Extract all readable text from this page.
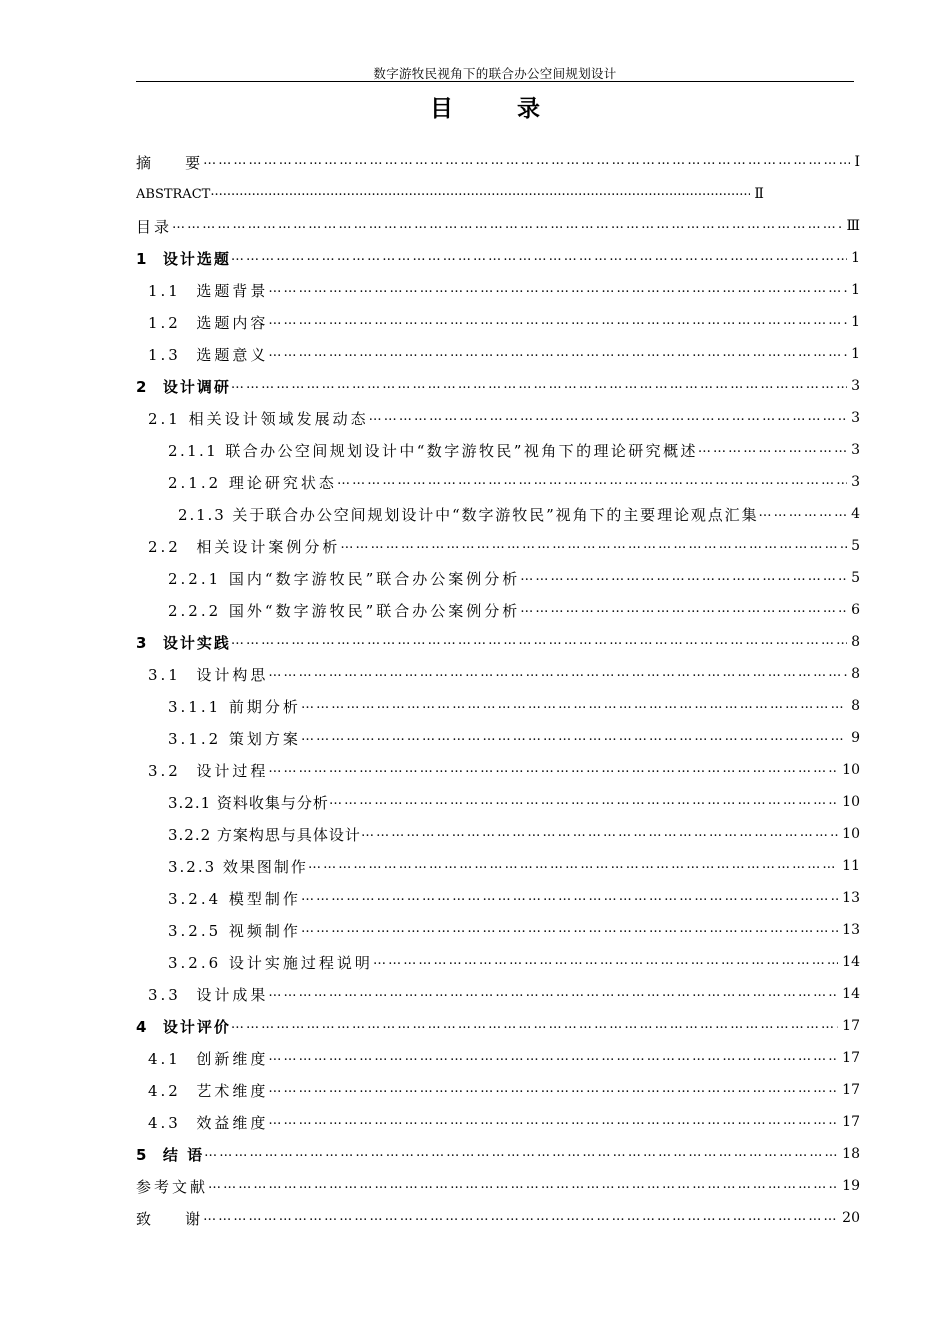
数字游牧民视角下的联合办公空间规划设计
目 录
摘    要 … … … … … … … … … … … … … … … … … … … … … … … … … … … … … … … … … … … … … … … … … … … … … … … … … … … … … … … … … … …	Ⅰ
ABSTRACT .....	Ⅱ
目录 … … … … … … … … … … … … … … … … … … … … … … … … … … … … … … … … … … … … … … … … … … … … … … … … … … … … … … … … … … …	Ⅲ
1  设计选题 … … … … … … … … … … … … … … … … … … … … … … … … … … … … … … … … … … … … … … … … … … … … … … … … … … … … … … … … … … …	1
1.1  选题背景 … … … … … … … … … … … … … … … … … … … … … … … … … … … … … … … … … … … … … … … … … … … … … … … … … … … … … … … … … … …	1
1.2  选题内容 … … … … … … … … … … … … … … … … … … … … … … … … … … … … … … … … … … … … … … … … … … … … … … … … … … … … … … … … … … …	1
1.3  选题意义 … … … … … … … … … … … … … … … … … … … … … … … … … … … … … … … … … … … … … … … … … … … … … … … … … … … … … … … … … … …	1
2  设计调研 … … … … … … … … … … … … … … … … … … … … … … … … … … … … … … … … … … … … … … … … … … … … … … … … … … … … … … … … … … …	3
2.1 相关设计领域发展动态 … … … … … … … … … … … … … … … … … … … … … … … … … … … … … … … … … … … … … … … … … … … … … … … … … … … … … … … … … … …	3
2.1.1 联合办公空间规划设计中“数字游牧民”视角下的理论研究概述 … … … … … … … … … … … … … … … … … … … … … … … … … … … … … … … … … … … … … … … … … … … … … … … … … … … … … … … … … … …	3
2.1.2 理论研究状态 … … … … … … … … … … … … … … … … … … … … … … … … … … … … … … … … … … … … … … … … … … … … … … … … … … … … … … … … … … …	3
2.1.3 关于联合办公空间规划设计中“数字游牧民”视角下的主要理论观点汇集 … … … … … … … … … … … … … … … … … … … … … … … … … … … … … … … … … … … … … … … … … … … … … … … … … … … … … … … … … … …	4
2.2  相关设计案例分析 … … … … … … … … … … … … … … … … … … … … … … … … … … … … … … … … … … … … … … … … … … … … … … … … … … … … … … … … … … …	5
2.2.1 国内“数字游牧民”联合办公案例分析 … … … … … … … … … … … … … … … … … … … … … … … … … … … … … … … … … … … … … … … … … … … … … … … … … … … … … … … … … … …	5
2.2.2 国外“数字游牧民”联合办公案例分析 … … … … … … … … … … … … … … … … … … … … … … … … … … … … … … … … … … … … … … … … … … … … … … … … … … … … … … … … … … …	6
3  设计实践 … … … … … … … … … … … … … … … … … … … … … … … … … … … … … … … … … … … … … … … … … … … … … … … … … … … … … … … … … … …	8
3.1  设计构思 … … … … … … … … … … … … … … … … … … … … … … … … … … … … … … … … … … … … … … … … … … … … … … … … … … … … … … … … … … …	8
3.1.1 前期分析 … … … … … … … … … … … … … … … … … … … … … … … … … … … … … … … … … … … … … … … … … … … … … … … … … … … … … … … … … … …	8
3.1.2 策划方案 … … … … … … … … … … … … … … … … … … … … … … … … … … … … … … … … … … … … … … … … … … … … … … … … … … … … … … … … … … …	9
3.2  设计过程 … … … … … … … … … … … … … … … … … … … … … … … … … … … … … … … … … … … … … … … … … … … … … … … … … … … … … … … … … … …	10
3.2.1 资料收集与分析 … … … … … … … … … … … … … … … … … … … … … … … … … … … … … … … … … … … … … … … … … … … … … … … … … … … … … … … … … … …	10
3.2.2 方案构思与具体设计 … … … … … … … … … … … … … … … … … … … … … … … … … … … … … … … … … … … … … … … … … … … … … … … … … … … … … … … … … … …	10
3.2.3 效果图制作 … … … … … … … … … … … … … … … … … … … … … … … … … … … … … … … … … … … … … … … … … … … … … … … … … … … … … … … … … … …	11
3.2.4 模型制作 … … … … … … … … … … … … … … … … … … … … … … … … … … … … … … … … … … … … … … … … … … … … … … … … … … … … … … … … … … …	13
3.2.5 视频制作 … … … … … … … … … … … … … … … … … … … … … … … … … … … … … … … … … … … … … … … … … … … … … … … … … … … … … … … … … … …	13
3.2.6 设计实施过程说明 … … … … … … … … … … … … … … … … … … … … … … … … … … … … … … … … … … … … … … … … … … … … … … … … … … … … … … … … … … …	14
3.3  设计成果 … … … … … … … … … … … … … … … … … … … … … … … … … … … … … … … … … … … … … … … … … … … … … … … … … … … … … … … … … … …	14
4  设计评价 … … … … … … … … … … … … … … … … … … … … … … … … … … … … … … … … … … … … … … … … … … … … … … … … … … … … … … … … … … …	17
4.1  创新维度 … … … … … … … … … … … … … … … … … … … … … … … … … … … … … … … … … … … … … … … … … … … … … … … … … … … … … … … … … … …	17
4.2  艺术维度 … … … … … … … … … … … … … … … … … … … … … … … … … … … … … … … … … … … … … … … … … … … … … … … … … … … … … … … … … … …	17
4.3  效益维度 … … … … … … … … … … … … … … … … … … … … … … … … … … … … … … … … … … … … … … … … … … … … … … … … … … … … … … … … … … …	17
5  结 语 … … … … … … … … … … … … … … … … … … … … … … … … … … … … … … … … … … … … … … … … … … … … … … … … … … … … … … … … … … …	18
参考文献 … … … … … … … … … … … … … … … … … … … … … … … … … … … … … … … … … … … … … … … … … … … … … … … … … … … … … … … … … … …	19
致    谢 … … … … … … … … … … … … … … … … … … … … … … … … … … … … … … … … … … … … … … … … … … … … … … … … … … … … … … … … … … …	20
